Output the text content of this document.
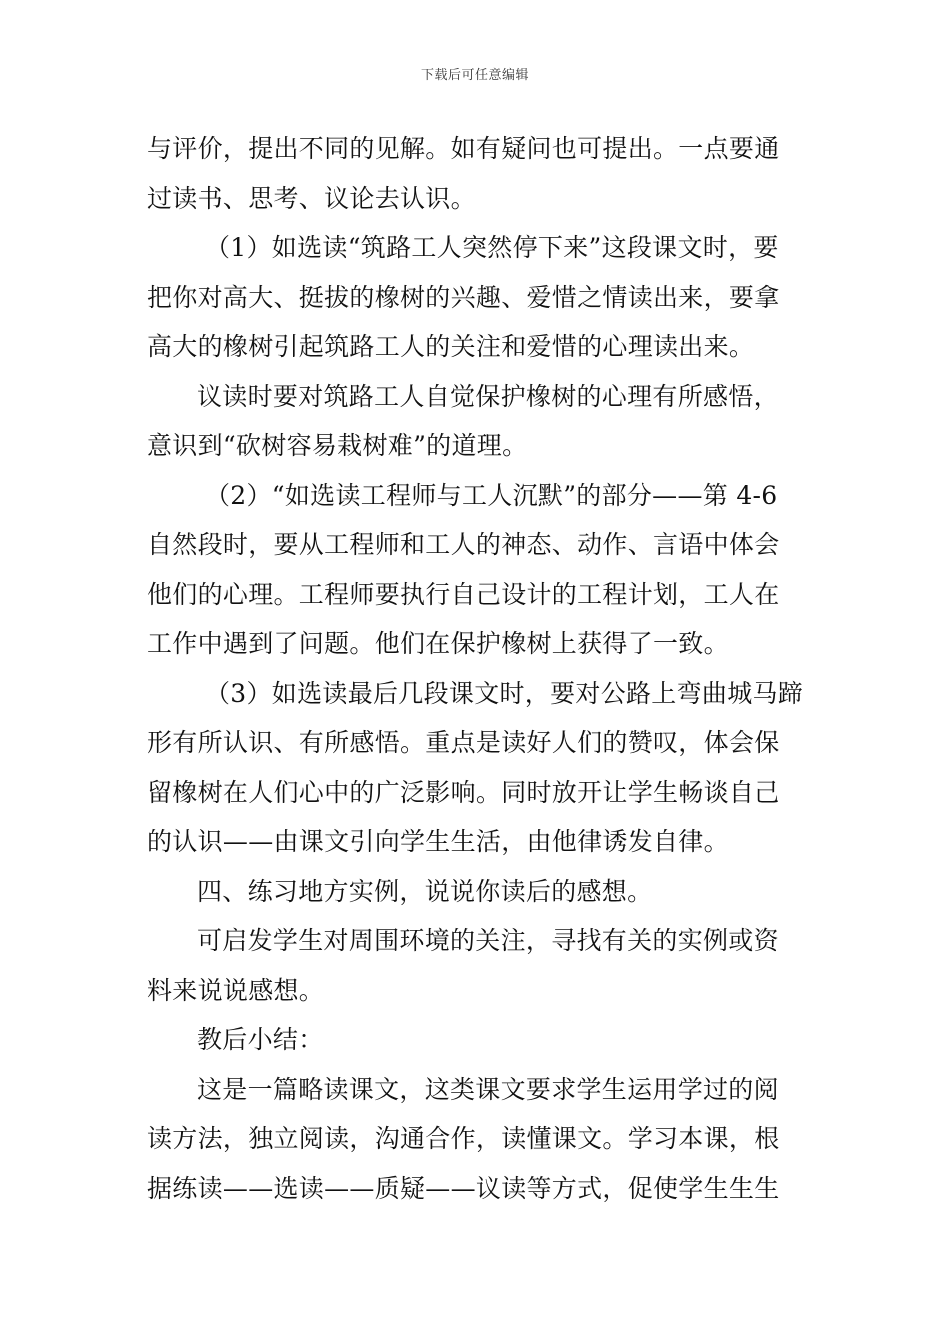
下载后可任意编辑
与评价，提出不同的见解。如有疑问也可提出。一点要通
过读书、思考、议论去认识。
（1）如选读“筑路工人突然停下来”这段课文时，要
把你对高大、挺拔的橡树的兴趣、爱惜之情读出来，要拿
高大的橡树引起筑路工人的关注和爱惜的心理读出来。
议读时要对筑路工人自觉保护橡树的心理有所感悟，
意识到“砍树容易栽树难”的道理。
（2）“如选读工程师与工人沉默”的部分——第 4-6
自然段时，要从工程师和工人的神态、动作、言语中体会
他们的心理。工程师要执行自己设计的工程计划，工人在
工作中遇到了问题。他们在保护橡树上获得了一致。
（3）如选读最后几段课文时，要对公路上弯曲城马蹄
形有所认识、有所感悟。重点是读好人们的赞叹，体会保
留橡树在人们心中的广泛影响。同时放开让学生畅谈自己
的认识——由课文引向学生生活，由他律诱发自律。
四、练习地方实例，说说你读后的感想。
可启发学生对周围环境的关注，寻找有关的实例或资
料来说说感想。
教后小结：
这是一篇略读课文，这类课文要求学生运用学过的阅
读方法，独立阅读，沟通合作，读懂课文。学习本课，根
据练读——选读——质疑——议读等方式，促使学生生生
